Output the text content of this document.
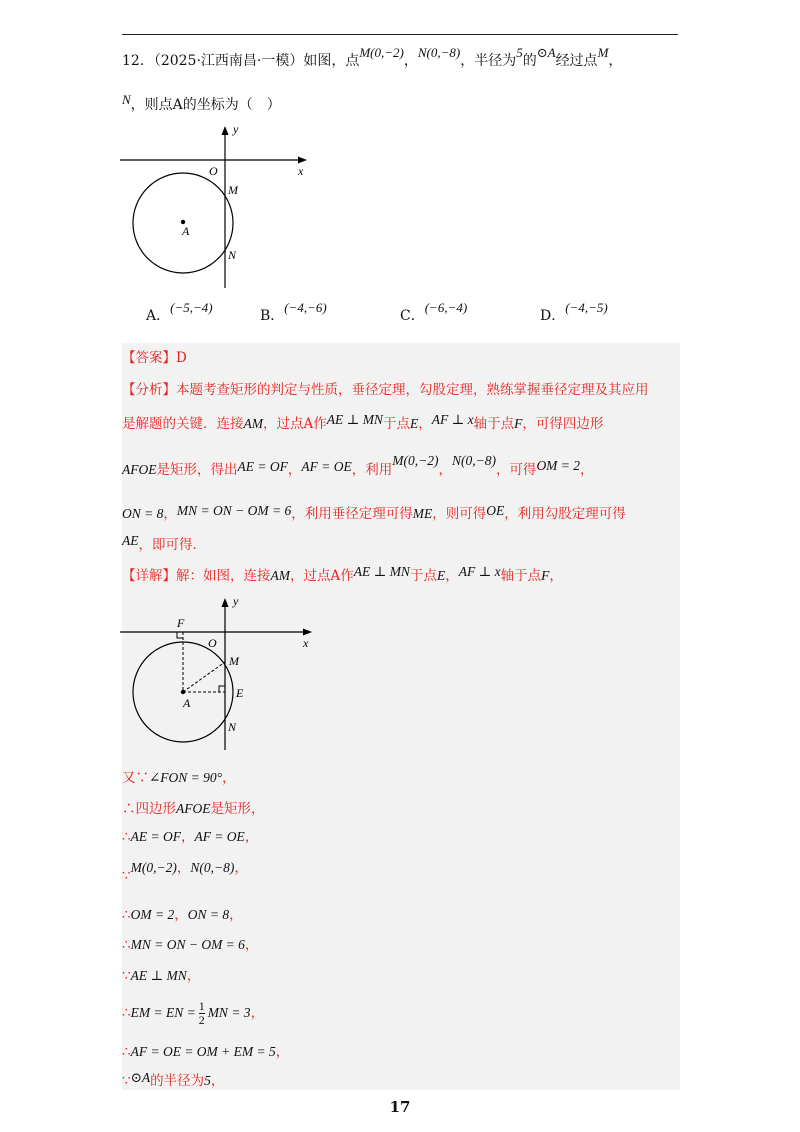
12．（2025·江西南昌·一模）如图，点M(0,−2)，N(0,−8)，半径为5的⊙A经过点M，
N，则点A的坐标为（　）
y
x
O
M
A
N
A．(−5,−4)
B．(−4,−6)
C．(−6,−4)
D．(−4,−5)
【答案】D
【分析】本题考查矩形的判定与性质，垂径定理，勾股定理，熟练掌握垂径定理及其应用
是解题的关键．连接AM，过点A作AE ⊥ MN于点E，AF ⊥ x轴于点F，可得四边形
AFOE是矩形，得出AE = OF，AF = OE，利用M(0,−2)，N(0,−8)，可得OM = 2，
ON = 8，MN = ON − OM = 6，利用垂径定理可得ME，则可得OE，利用勾股定理可得
AE，即可得．
【详解】解：如图，连接AM，过点A作AE ⊥ MN于点E，AF ⊥ x轴于点F，
y
x
F
O
M
E
A
N
又∵∠FON = 90°，
∴四边形AFOE是矩形，
∴AE = OF，AF = OE，
∵M(0,−2)，N(0,−8)，
∴OM = 2，ON = 8，
∴MN = ON − OM = 6，
∵AE ⊥ MN，
∴EM = EN = $\frac{1}{2}$ MN = 3，
∴AF = OE = OM + EM = 5，
∵⊙A的半径为5，
17
